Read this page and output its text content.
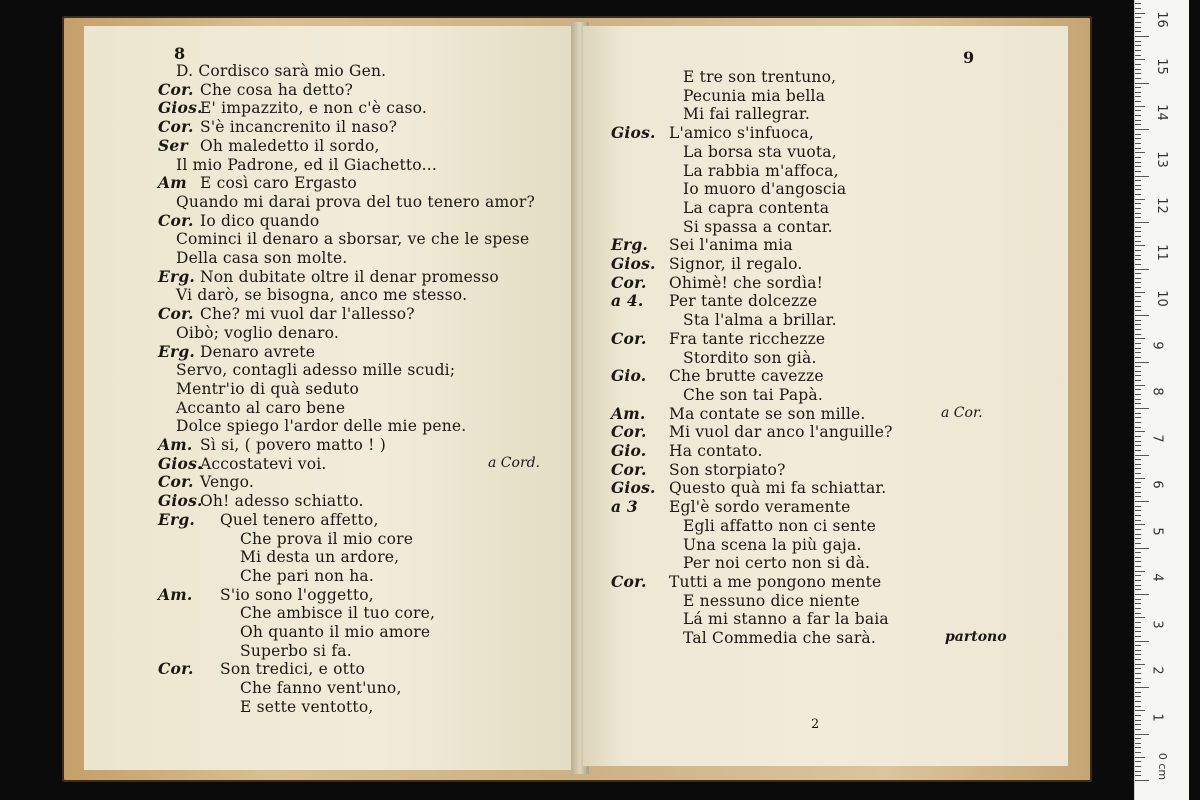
8
D. Cordisco sarà mio Gen.
Cor. Che cosa ha detto?
Gios.
E' impazzito, e non c'è caso.
Cor. S'è incancrenito il naso?
Ser Oh maledetto il sordo,
Il mio Padrone, ed il Giachetto...
Am E così caro Ergasto
Quando mi darai prova del tuo tenero amor?
Cor. Io dico quando
Cominci il denaro a sborsar, ve che le spese
Della casa son molte.
Erg. Non dubitate oltre il denar promesso
Vi darò, se bisogna, anco me stesso.
Cor. Che? mi vuol dar l'allesso?
Oibò; voglio denaro.
Erg. Denaro avrete
Servo, contagli adesso mille scudi;
Mentr'io di quà seduto
Accanto al caro bene
Dolce spiego l'ardor delle mie pene.
Am. Sì si, ( povero matto ! )
Gios.
Accostatevi voi.
Cor. Vengo.
Gios.
Oh! adesso schiatto.
Erg. Quel tenero affetto,
Che prova il mio core
Mi desta un ardore,
Che pari non ha.
Am. S'io sono l'oggetto,
Che ambisce il tuo core,
Oh quanto il mio amore
Superbo si fa.
Cor. Son tredici, e otto
Che fanno vent'uno,
E sette ventotto,
a Cord.
9
E tre son trentuno,
Pecunia mia bella
Mi fai rallegrar.
Gios. L'amico s'infuoca,
La borsa sta vuota,
La rabbia m'affoca,
Io muoro d'angoscia
La capra contenta
Si spassa a contar.
Erg. Sei l'anima mia
Gios. Signor, il regalo.
Cor. Ohimè! che sordìa!
a 4. Per tante dolcezze
Sta l'alma a brillar.
Cor. Fra tante ricchezze
Stordito son già.
Gio. Che brutte cavezze
Che son tai Papà.
Am. Ma contate se son mille.
Cor. Mi vuol dar anco l'anguille?
Gio. Ha contato.
Cor. Son storpiato?
Gios. Questo quà mi fa schiattar.
a 3 Egl'è sordo veramente
Egli affatto non ci sente
Una scena la più gaja.
Per noi certo non si dà.
Cor. Tutti a me pongono mente
E nessuno dice niente
Lá mi stanno a far la baia
Tal Commedia che sarà.
a Cor.
partono
2
0 cm
16
15
14
13
12
11
10
9
8
7
6
5
4
3
2
1
